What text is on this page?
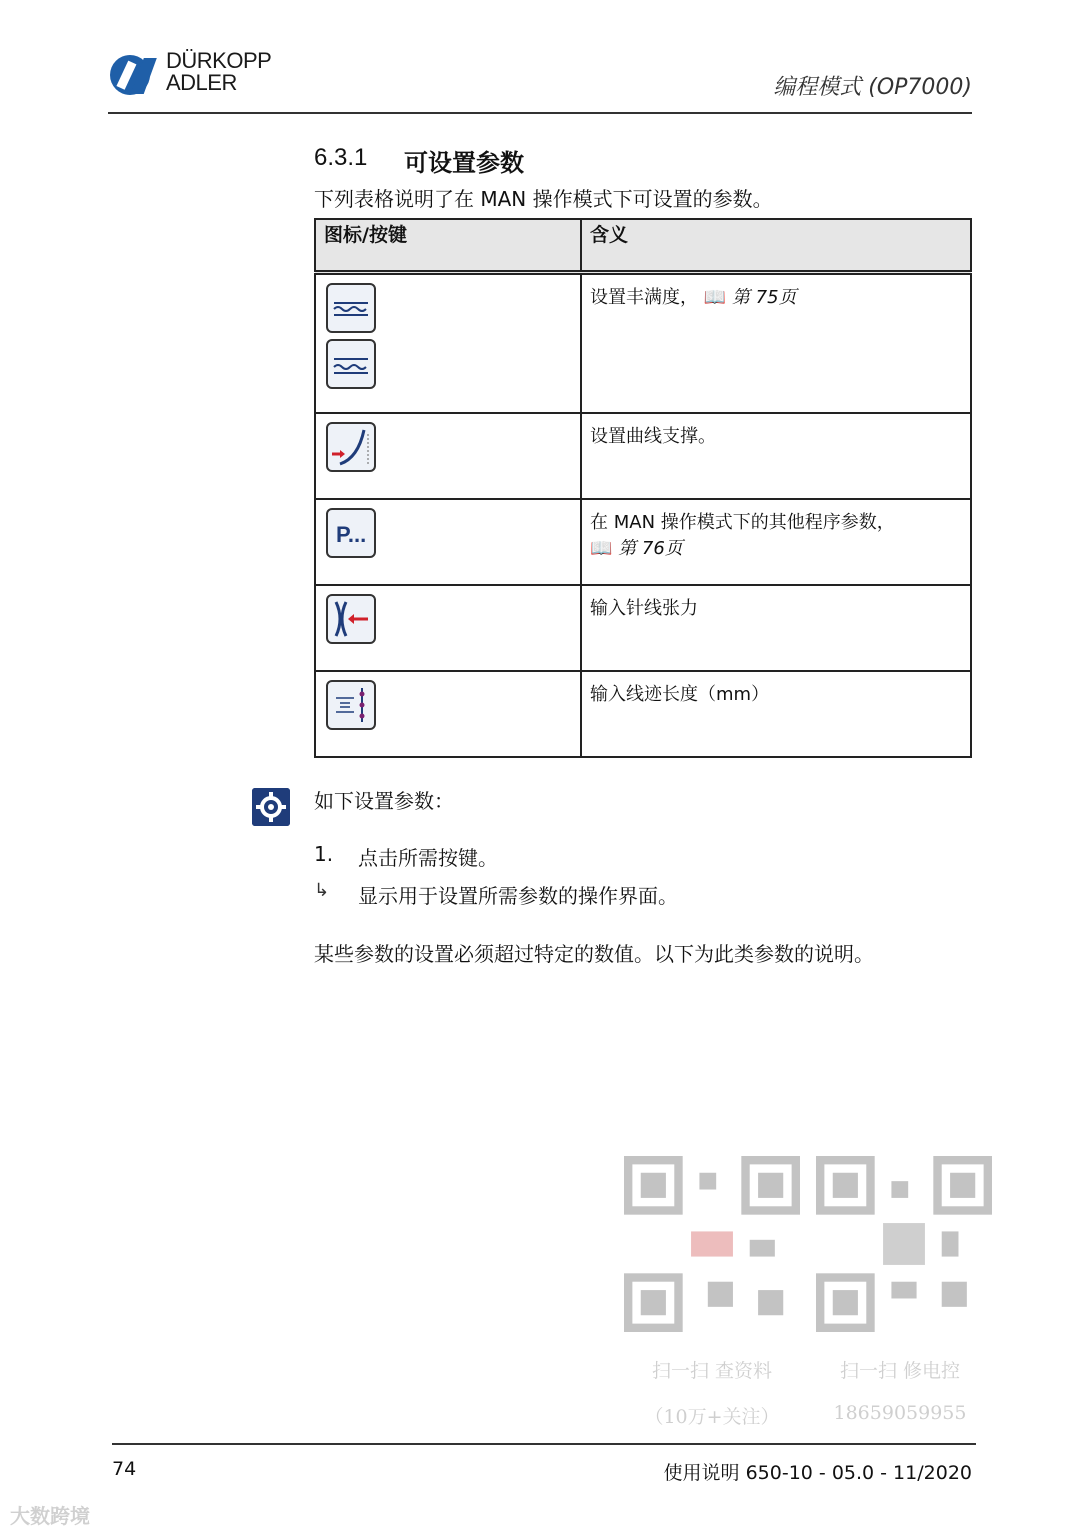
DÜRKOPP
ADLER	编程模式 (OP7000)
6.3.1 可设置参数
下列表格说明了在 MAN 操作模式下可设置的参数。
图标/按键	含义

	设置丰满度， 📖 第 75页

	设置曲线支撑。

P...	在 MAN 操作模式下的其他程序参数，
📖 第 76页

	输入针线张力

	输入线迹长度（mm）
如下设置参数：
1. 点击所需按键。
↳ 显示用于设置所需参数的操作界面。
某些参数的设置必须超过特定的数值。以下为此类参数的说明。
扫一扫 查资料
（10万+关注）
扫一扫 修电控
18659059955
74	使用说明 650-10 - 05.0 - 11/2020
大数跨境
